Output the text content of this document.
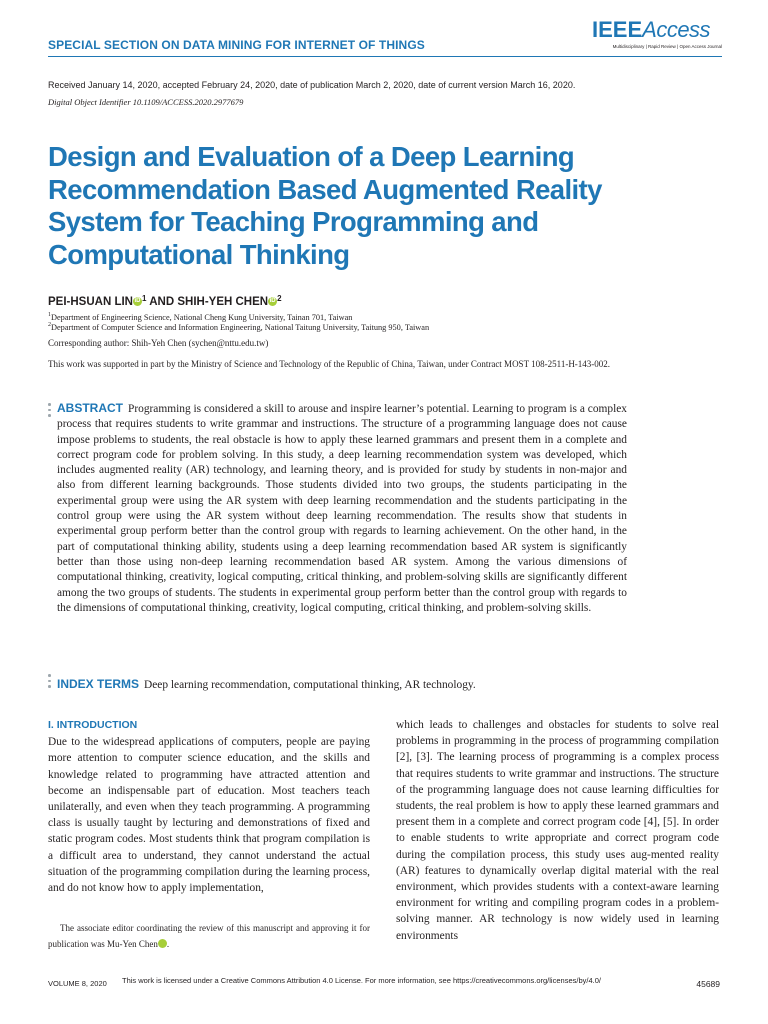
SPECIAL SECTION ON DATA MINING FOR INTERNET OF THINGS
IEEEAccess
Multidisciplinary | Rapid Review | Open Access Journal
Received January 14, 2020, accepted February 24, 2020, date of publication March 2, 2020, date of current version March 16, 2020.
Digital Object Identifier 10.1109/ACCESS.2020.2977679
Design and Evaluation of a Deep Learning
Recommendation Based Augmented Reality
System for Teaching Programming and
Computational Thinking
PEI-HSUAN LIN iD $^1$ AND SHIH-YEH CHEN iD $^2$
$^1$Department of Engineering Science, National Cheng Kung University, Tainan 701, Taiwan
$^2$Department of Computer Science and Information Engineering, National Taitung University, Taitung 950, Taiwan
Corresponding author: Shih-Yeh Chen (sychen@nttu.edu.tw)
This work was supported in part by the Ministry of Science and Technology of the Republic of China, Taiwan, under Contract MOST 108-2511-H-143-002.
ABSTRACT Programming is considered a skill to arouse and inspire learner’s potential. Learning to program is a complex process that requires students to write grammar and instructions. The structure of a programming language does not cause impose problems to students, the real obstacle is how to apply these learned grammars and present them in a complete and correct program code for problem solving. In this study, a deep learning recommendation system was developed, which includes augmented reality (AR) technology, and learning theory, and is provided for study by students in non-major and also from different learning backgrounds. Those students divided into two groups, the students participating in the experimental group were using the AR system with deep learning recommendation and the students participating in the control group were using the AR system without deep learning recommendation. The results show that students in experimental group perform better than the control group with regards to learning achievement. On the other hand, in the part of computational thinking ability, students using a deep learning recommendation based AR system is significantly better than those using non-deep learning recommendation based AR system. Among the various dimensions of computational thinking, creativity, logical computing, critical thinking, and problem-solving skills are significantly different among the two groups of students. The students in experimental group perform better than the control group with regards to the dimensions of computational thinking, creativity, logical computing, critical thinking, and problem-solving skills.
INDEX TERMS Deep learning recommendation, computational thinking, AR technology.
I. INTRODUCTION
Due to the widespread applications of computers, people are paying more attention to computer science education, and the skills and knowledge related to programming have attracted attention and become an indispensable part of education. Most teachers teach unilaterally, and even when they teach programming. A programming class is usually taught by lecturing and demonstrations of fixed and static program codes. Most students think that program compilation is a difficult area to understand, they cannot understand the actual situation of the programming compilation during the learning process, and do not know how to apply implementation,
which leads to challenges and obstacles for students to solve real problems in programming in the process of programming compilation [2], [3]. The learning process of programming is a complex process that requires students to write grammar and instructions. The structure of the programming language does not cause learning difficulties for students, the real problem is how to apply these learned grammars and present them in a complete and correct program code [4], [5]. In order to enable students to write appropriate and correct program code during the compilation process, this study uses aug-mented reality (AR) features to dynamically overlap digital material with the real environment, which provides students with a context-aware learning environment for writing and compiling program codes in a problem-solving manner. AR technology is now widely used in learning environments
The associate editor coordinating the review of this manuscript and approving it for publication was Mu-Yen Chen iD.
VOLUME 8, 2020 This work is licensed under a Creative Commons Attribution 4.0 License. For more information, see https://creativecommons.org/licenses/by/4.0/	45689
